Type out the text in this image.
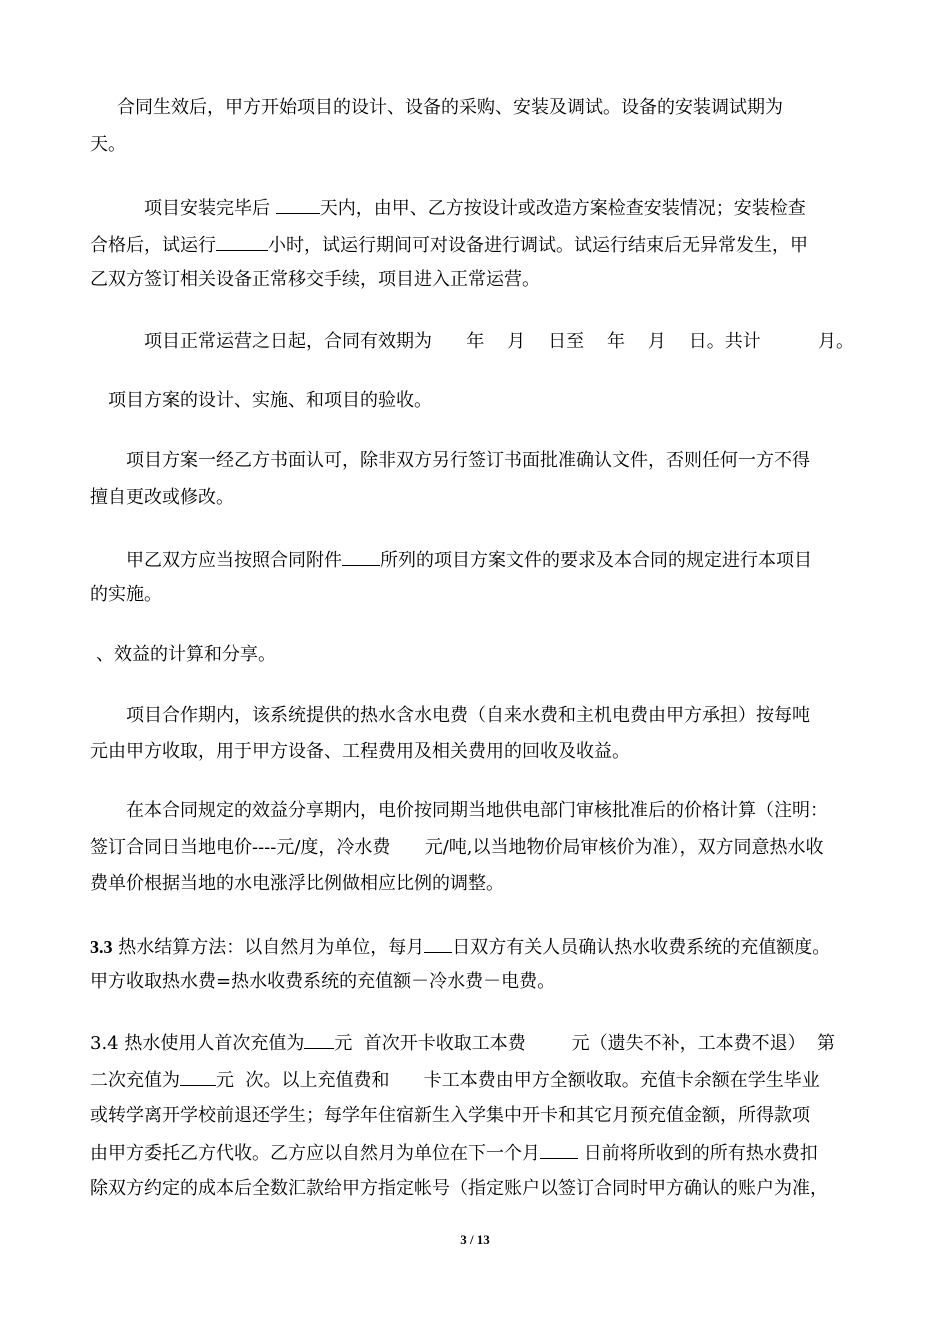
合同生效后，甲方开始项目的设计、设备的采购、安装及调试。设备的安装调试期为
天。
项目安装完毕后	天内，由甲、乙方按设计或改造方案检查安装情况；安装检查
合格后，试运行	小时，试运行期间可对设备进行调试。试运行结束后无异常发生，甲
乙双方签订相关设备正常移交手续，项目进入正常运营。
项目正常运营之日起，合同有效期为      年    月    日至    年    月    日。共计          月。
项目方案的设计、实施、和项目的验收。
项目方案一经乙方书面认可，除非双方另行签订书面批准确认文件，否则任何一方不得
擅自更改或修改。
甲乙双方应当按照合同附件 所列的项目方案文件的要求及本合同的规定进行本项目
的实施。
、效益的计算和分享。
项目合作期内，该系统提供的热水含水电费（自来水费和主机电费由甲方承担）按每吨
元由甲方收取，用于甲方设备、工程费用及相关费用的回收及收益。
在本合同规定的效益分享期内，电价按同期当地供电部门审核批准后的价格计算（注明：
签订合同日当地电价----元/度，冷水费      元/吨,以当地物价局审核价为准），双方同意热水收
费单价根据当地的水电涨浮比例做相应比例的调整。
3.3 热水结算方法：以自然月为单位，每月 日双方有关人员确认热水收费系统的充值额度。
甲方收取热水费=热水收费系统的充值额－冷水费－电费。
3.4 热水使用人首次充值为 元  首次开卡收取工本费        元（遗失不补，工本费不退）  第
二次充值为 元  次。以上充值费和      卡工本费由甲方全额收取。充值卡余额在学生毕业
或转学离开学校前退还学生；每学年住宿新生入学集中开卡和其它月预充值金额，所得款项
由甲方委托乙方代收。乙方应以自然月为单位在下一个月 日前将所收到的所有热水费扣
除双方约定的成本后全数汇款给甲方指定帐号（指定账户以签订合同时甲方确认的账户为准，
3 / 13
